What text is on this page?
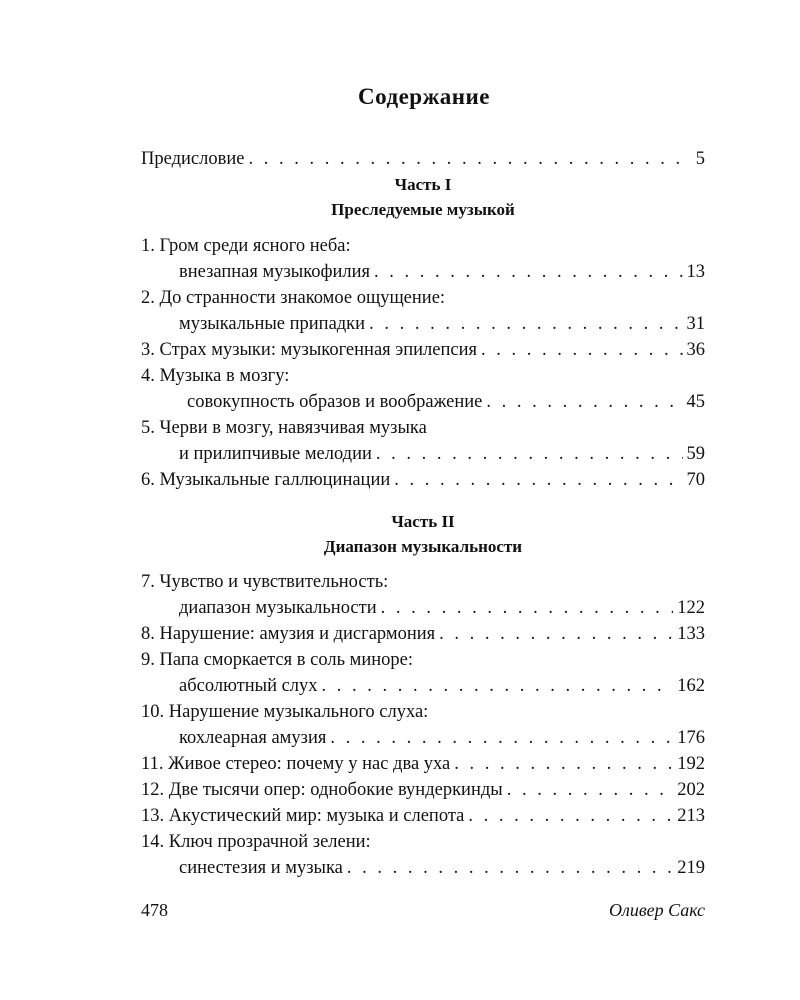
Содержание
Предисловие . . .	5
Часть I
Преследуемые музыкой
1. Гром среди ясного неба:
внезапная музыкофилия . . .	13
2. До странности знакомое ощущение:
музыкальные припадки . . .	31
3. Страх музыки: музыкогенная эпилепсия . . .	36
4. Музыка в мозгу:
совокупность образов и воображение . . .	45
5. Черви в мозгу, навязчивая музыка
и прилипчивые мелодии . . .	59
6. Музыкальные галлюцинации . . .	70
Часть II
Диапазон музыкальности
7. Чувство и чувствительность:
диапазон музыкальности . . .	122
8. Нарушение: амузия и дисгармония . . .	133
9. Папа сморкается в соль миноре:
абсолютный слух . . .	162
10. Нарушение музыкального слуха:
кохлеарная амузия . . .	176
11. Живое стерео: почему у нас два уха . . .	192
12. Две тысячи опер: однобокие вундеркинды . . .	202
13. Акустический мир: музыка и слепота . . .	213
14. Ключ прозрачной зелени:
синестезия и музыка . . .	219
478	Оливер Сакс
